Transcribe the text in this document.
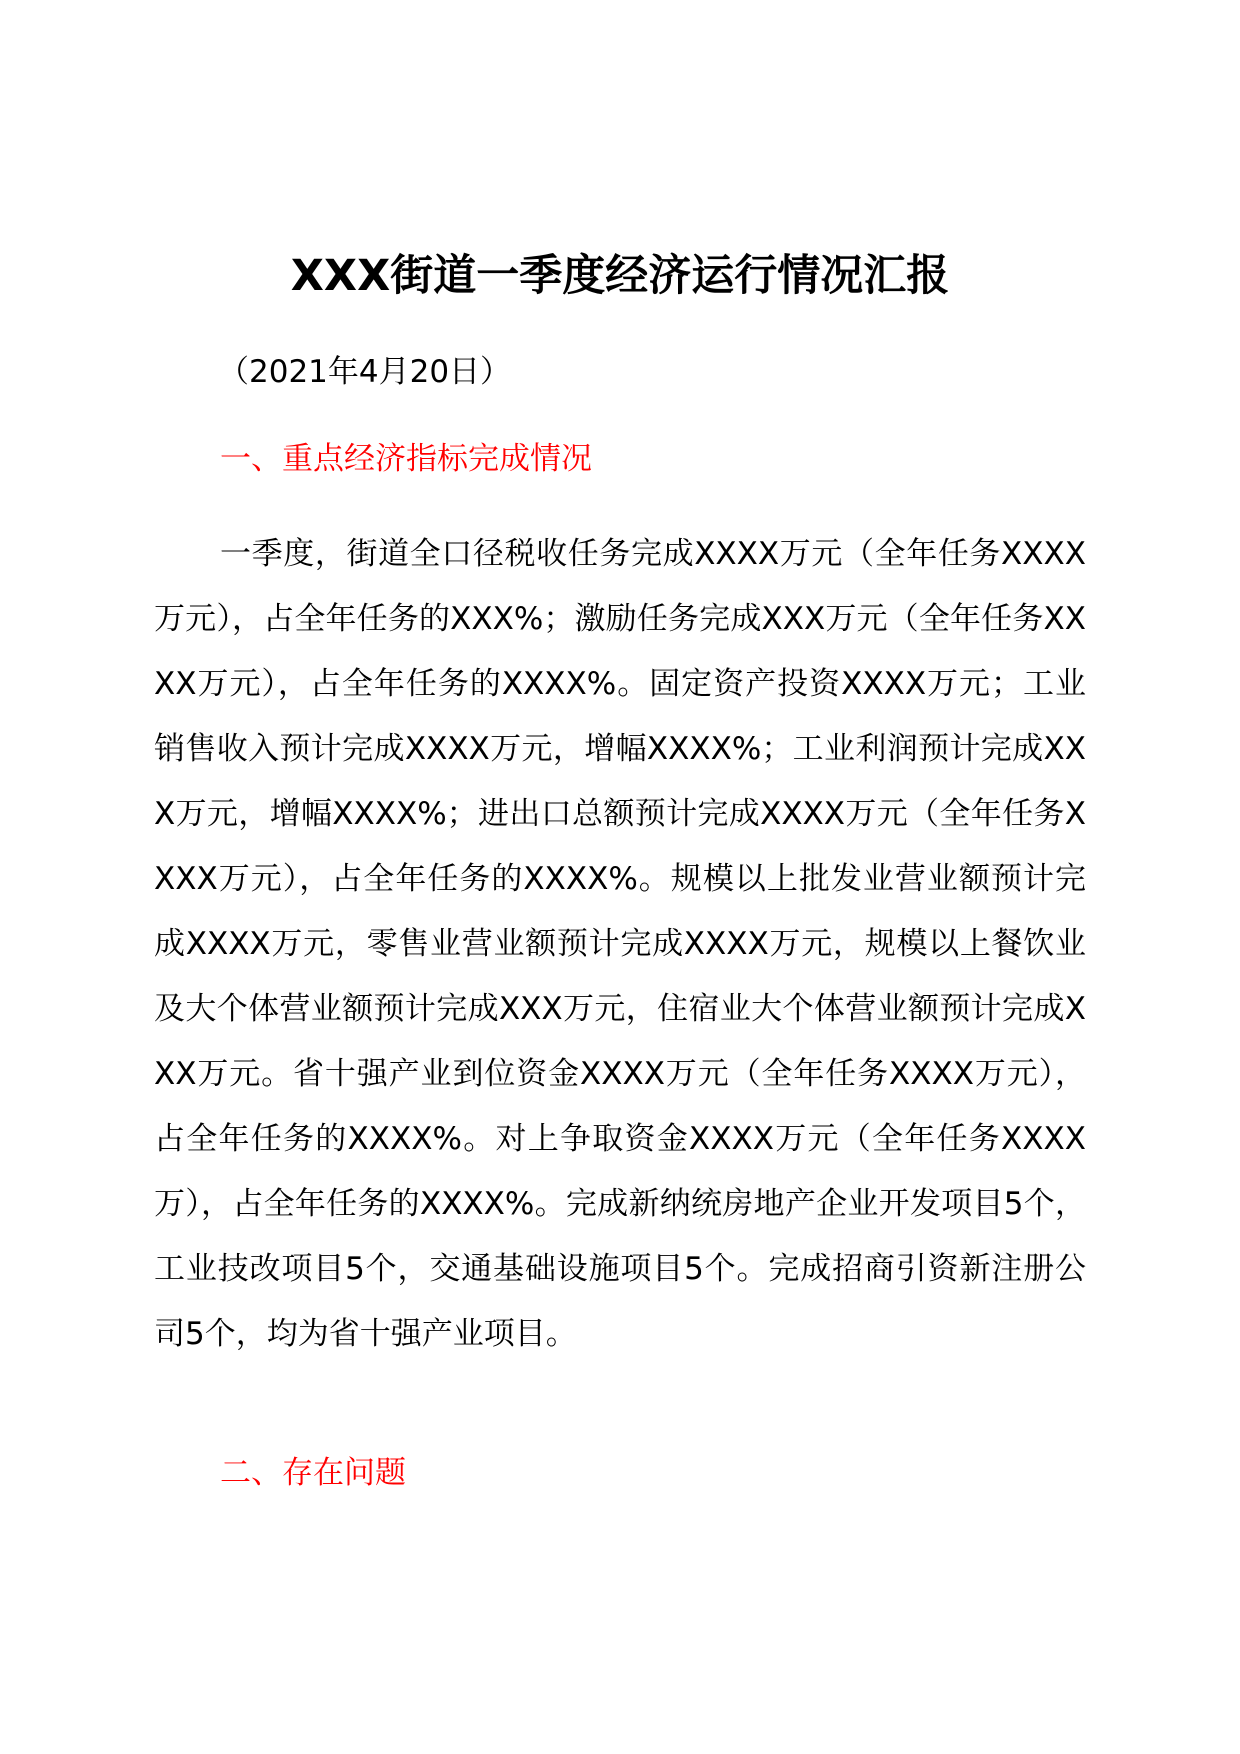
XXX街道一季度经济运行情况汇报

（2021年4月20日）

一、重点经济指标完成情况

一季度，街道全口径税收任务完成XXXX万元（全年任务XXXX万元），占全年任务的XXX%；激励任务完成XXX万元（全年任务XXXX万元），占全年任务的XXXX%。固定资产投资XXXX万元；工业销售收入预计完成XXXX万元，增幅XXXX%；工业利润预计完成XXX万元，增幅XXXX%；进出口总额预计完成XXXX万元（全年任务XXXX万元），占全年任务的XXXX%。规模以上批发业营业额预计完成XXXX万元，零售业营业额预计完成XXXX万元，规模以上餐饮业及大个体营业额预计完成XXX万元，住宿业大个体营业额预计完成XXX万元。省十强产业到位资金XXXX万元（全年任务XXXX万元），占全年任务的XXXX%。对上争取资金XXXX万元（全年任务XXXX万），占全年任务的XXXX%。完成新纳统房地产企业开发项目5个，工业技改项目5个，交通基础设施项目5个。完成招商引资新注册公司5个，均为省十强产业项目。

二、存在问题
